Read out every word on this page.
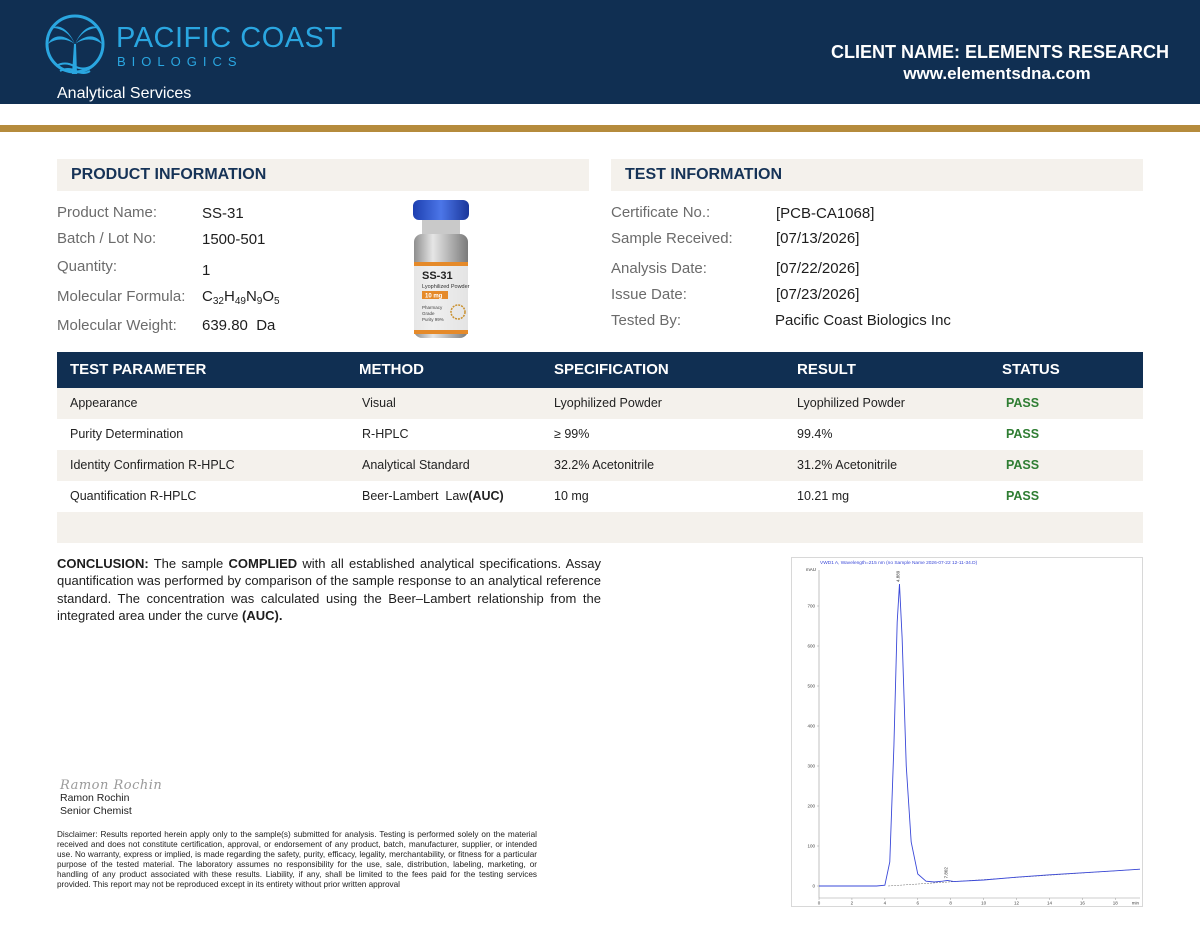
PACIFIC COAST
BIOLOGICS
Analytical Services
CLIENT NAME: ELEMENTS RESEARCH
www.elementsdna.com
PRODUCT INFORMATION
Product Name:	SS-31
Batch / Lot No:	1500-501
Quantity:	1
Molecular Formula: $C_{32}H_{49}N_9O_5$
Molecular Weight: 639.80  Da
SS-31
Lyophilized Powder
10 mg
Pharmacy
Grade
Purity 99%
TEST INFORMATION
Certificate No.:	[PCB-CA1068]
Sample Received:	[07/13/2026]
Analysis Date:	[07/22/2026]
Issue Date:	[07/23/2026]
Tested By:	Pacific Coast Biologics Inc
TEST PARAMETER	METHOD	SPECIFICATION	RESULT	STATUS
Appearance	Visual	Lyophilized Powder	Lyophilized Powder	PASS
Purity Determination	R-HPLC	≥ 99%	99.4%	PASS
Identity Confirmation R-HPLC	Analytical Standard	32.2% Acetonitrile	31.2% Acetonitrile	PASS
Quantification R-HPLC	Beer-Lambert  Law(AUC)	10 mg	10.21 mg	PASS
CONCLUSION: The sample COMPLIED with all established analytical specifications. Assay quantification was performed by comparison of the sample response to an analytical reference standard. The concentration was calculated using the Beer–Lambert relationship from the integrated area under the curve (AUC).
Ramon Rochin
Ramon Rochin
Senior Chemist
Disclaimer: Results reported herein apply only to the sample(s) submitted for analysis. Testing is performed solely on the material received and does not constitute certification, approval, or endorsement of any product, batch, manufacturer, supplier, or intended use. No warranty, express or implied, is made regarding the safety, purity, efficacy, legality, merchantability, or fitness for a particular purpose of the tested material. The laboratory assumes no responsibility for the use, sale, distribution, labeling, marketing, or handling of any product associated with these results. Liability, if any, shall be limited to the fees paid for the testing services provided. This report may not be reproduced except in its entirety without prior written approval
VWD1 A, Wavelength=215 nm (no Sample Name 2026-07-22 12-11-34.D)
mAU
0
100
200
300
400
500
600
700
0	2	4	6	8	10	12	14	16	18	min
4.889
7.802
